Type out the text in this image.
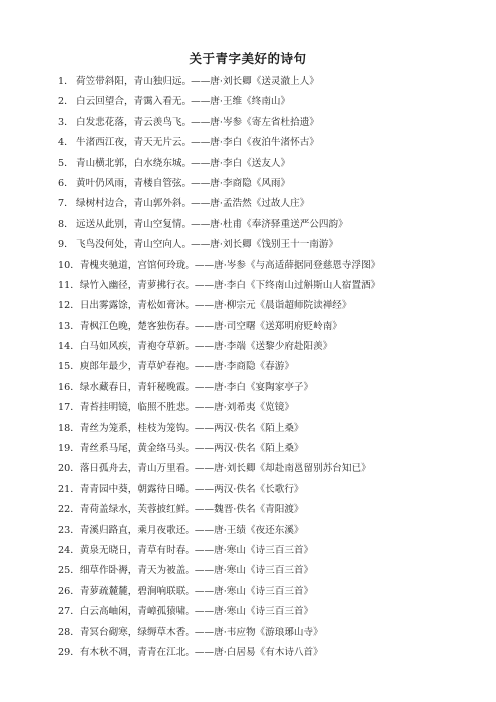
关于青字美好的诗句
1． 荷笠带斜阳，青山独归远。——唐·刘长卿《送灵澈上人》
2． 白云回望合，青霭入看无。——唐·王维《终南山》
3． 白发悲花落，青云羡鸟飞。——唐·岑参《寄左省杜拾遗》
4． 牛渚西江夜，青天无片云。——唐·李白《夜泊牛渚怀古》
5． 青山横北郭，白水绕东城。——唐·李白《送友人》
6． 黄叶仍风雨，青楼自管弦。——唐·李商隐《风雨》
7． 绿树村边合，青山郭外斜。——唐·孟浩然《过故人庄》
8． 远送从此别，青山空复情。——唐·杜甫《奉济驿重送严公四韵》
9． 飞鸟没何处，青山空向人。——唐·刘长卿《饯别王十一南游》
10．青槐夹驰道，宫馆何玲珑。——唐·岑参《与高适薛据同登慈恩寺浮图》
11．绿竹入幽径，青萝拂行衣。——唐·李白《下终南山过斛斯山人宿置酒》
12．日出雾露馀，青松如膏沐。——唐·柳宗元《晨诣超师院读禅经》
13．青枫江色晚，楚客独伤春。——唐·司空曙《送郑明府贬岭南》
14．白马如风疾，青袍夺草新。——唐·李端《送黎少府赴阳羡》
15．庾郎年最少，青草妒春袍。——唐·李商隐《春游》
16．绿水藏春日，青轩秘晚霞。——唐·李白《宴陶家亭子》
17．青苔挂明镜，临照不胜悲。——唐·刘希夷《览镜》
18．青丝为笼系，桂枝为笼钩。——两汉·佚名《陌上桑》
19．青丝系马尾，黄金络马头。——两汉·佚名《陌上桑》
20．落日孤舟去，青山万里看。——唐·刘长卿《却赴南邕留别苏台知已》
21．青青园中葵，朝露待日晞。——两汉·佚名《长歌行》
22．青荷盖绿水，芙蓉披红鲜。——魏晋·佚名《青阳渡》
23．青溪归路直，乘月夜歌还。——唐·王绩《夜还东溪》
24．黄泉无晓日，青草有时春。——唐·寒山《诗三百三首》
25．细草作卧褥，青天为被盖。——唐·寒山《诗三百三首》
26．青萝疏麓麓，碧涧响联联。——唐·寒山《诗三百三首》
27．白云高岫闲，青嶂孤猿啸。——唐·寒山《诗三百三首》
28．青冥台砌寒，绿缛草木香。——唐·韦应物《游琅琊山寺》
29．有木秋不凋，青青在江北。——唐·白居易《有木诗八首》
